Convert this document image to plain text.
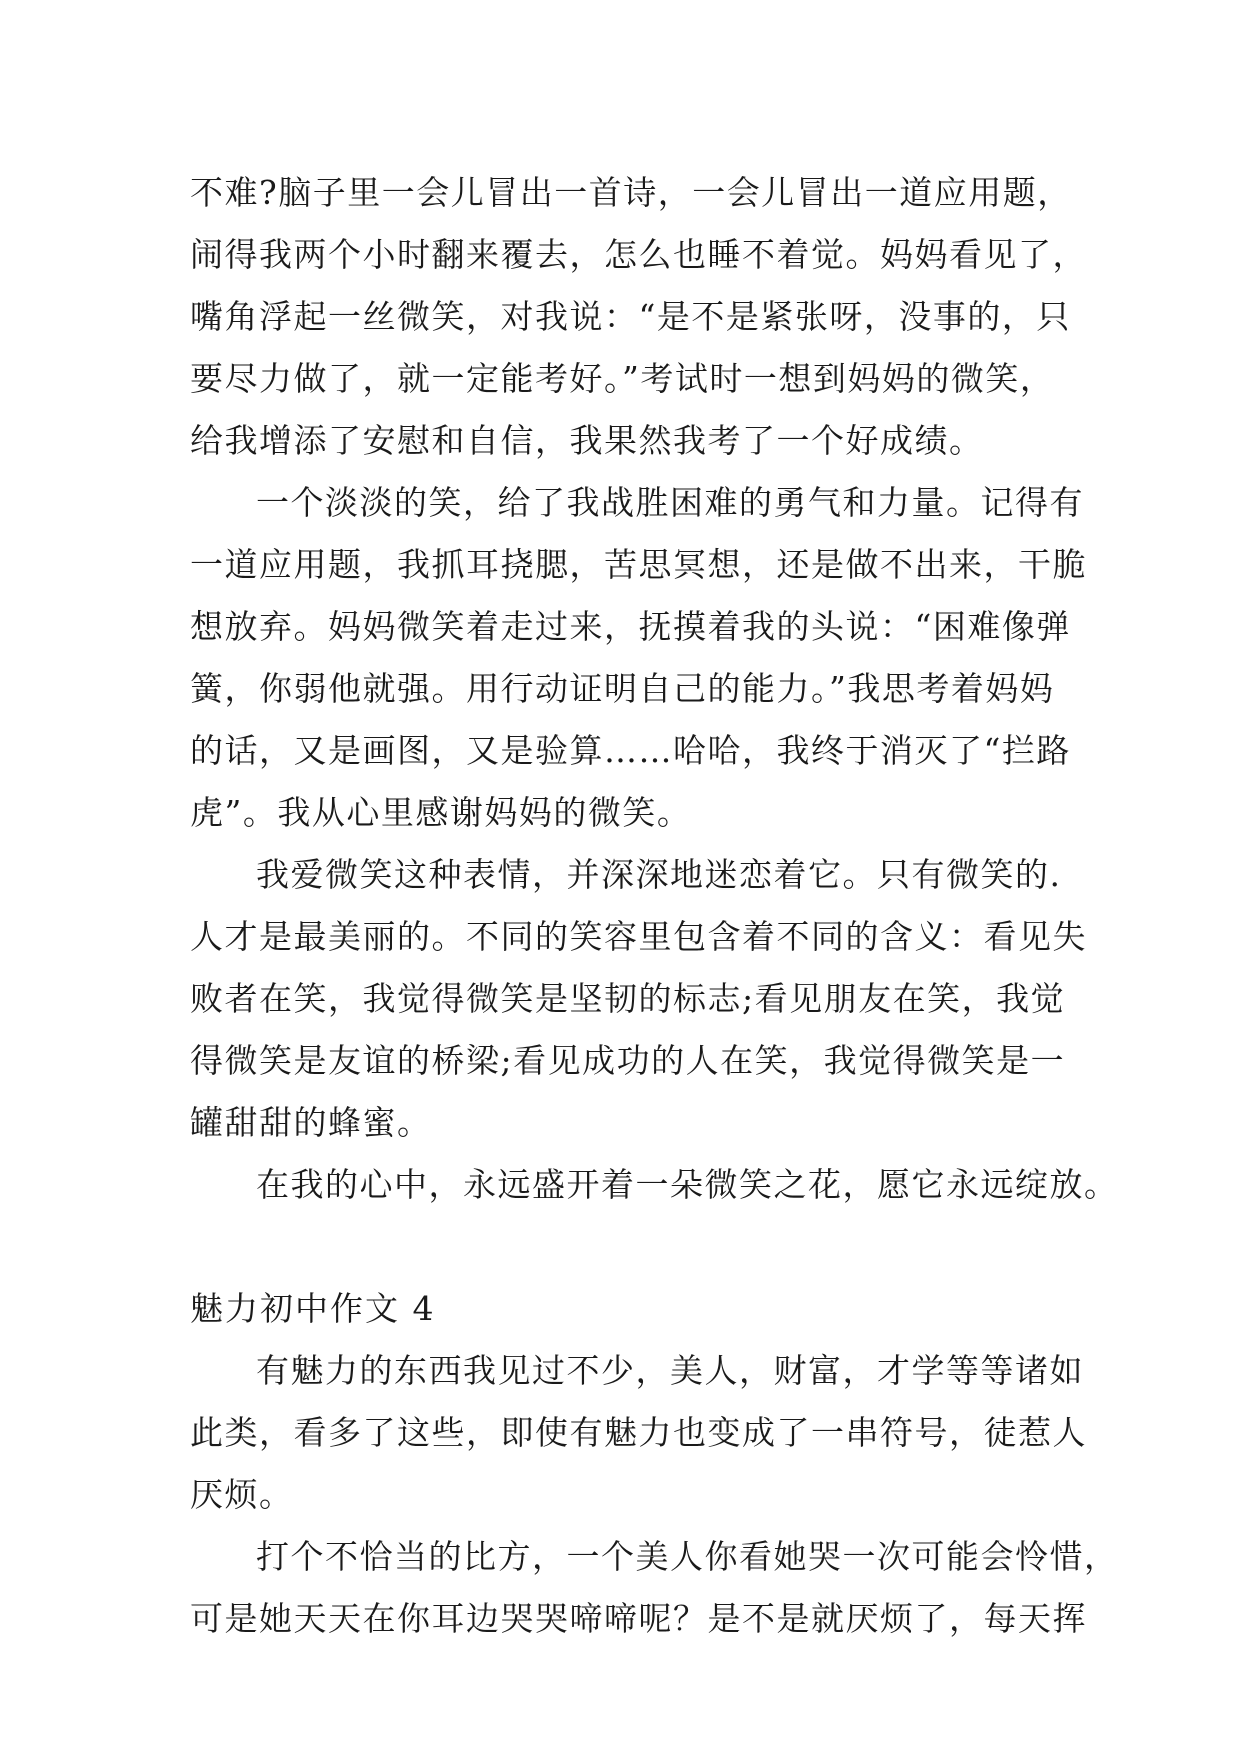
不难?脑子里一会儿冒出一首诗，一会儿冒出一道应用题，
闹得我两个小时翻来覆去，怎么也睡不着觉。妈妈看见了，
嘴角浮起一丝微笑，对我说：“是不是紧张呀，没事的，只
要尽力做了，就一定能考好。”考试时一想到妈妈的微笑，
给我增添了安慰和自信，我果然我考了一个好成绩。
一个淡淡的笑，给了我战胜困难的勇气和力量。记得有
一道应用题，我抓耳挠腮，苦思冥想，还是做不出来，干脆
想放弃。妈妈微笑着走过来，抚摸着我的头说：“困难像弹
簧，你弱他就强。用行动证明自己的能力。”我思考着妈妈
的话，又是画图，又是验算……哈哈，我终于消灭了“拦路
虎”。我从心里感谢妈妈的微笑。
我爱微笑这种表情，并深深地迷恋着它。只有微笑的.
人才是最美丽的。不同的笑容里包含着不同的含义：看见失
败者在笑，我觉得微笑是坚韧的标志;看见朋友在笑，我觉
得微笑是友谊的桥梁;看见成功的人在笑，我觉得微笑是一
罐甜甜的蜂蜜。
在我的心中，永远盛开着一朵微笑之花，愿它永远绽放。
魅力初中作文 4
有魅力的东西我见过不少，美人，财富，才学等等诸如
此类，看多了这些，即使有魅力也变成了一串符号，徒惹人
厌烦。
打个不恰当的比方，一个美人你看她哭一次可能会怜惜，
可是她天天在你耳边哭哭啼啼呢？是不是就厌烦了，每天挥
